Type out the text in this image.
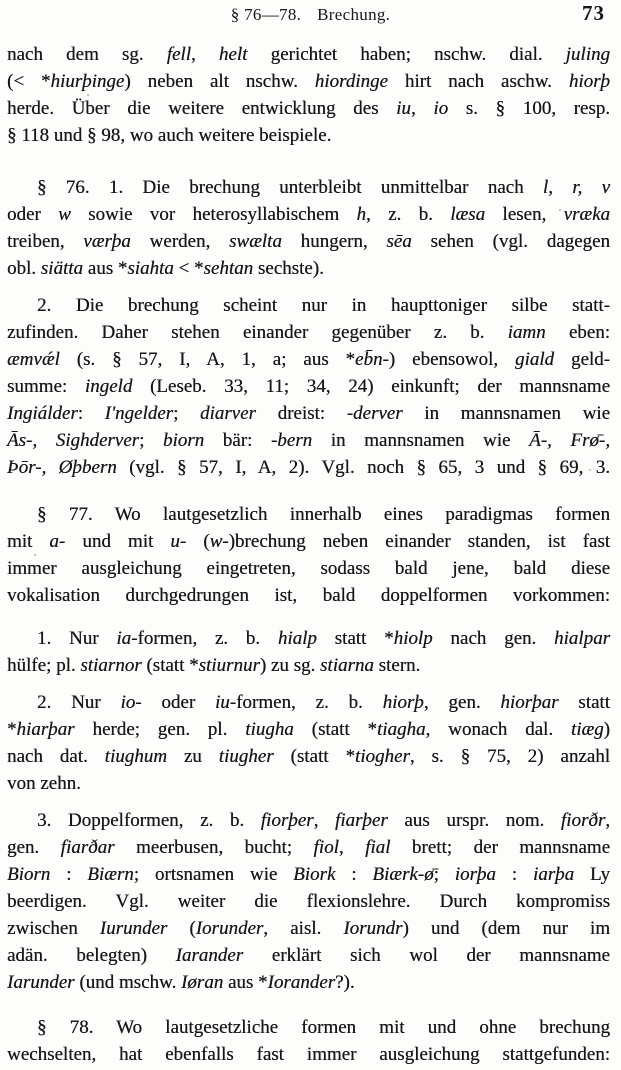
§ 76—78. Brechung.	73
nach dem sg. fell, helt gerichtet haben; nschw. dial. juling
(< *hiurþinge) neben alt nschw. hiordinge hirt nach aschw. hiorþ
herde. Über die weitere entwicklung des iu, io s. § 100, resp.
§ 118 und § 98, wo auch weitere beispiele.
§ 76. 1. Die brechung unterbleibt unmittelbar nach l, r, v
oder w sowie vor heterosyllabischem h, z. b. læsa lesen, vræka
treiben, værþa werden, swælta hungern, sēa sehen (vgl. dagegen
obl. siätta aus *siahta < *sehtan sechste).
2. Die brechung scheint nur in haupttoniger silbe statt-
zufinden. Daher stehen einander gegenüber z. b. iamn eben:
æmvǽl (s. § 57, I, A, 1, a; aus *eb̄n-) ebensowol, giald geld-
summe: ingeld (Leseb. 33, 11; 34, 24) einkunft; der mannsname
Ingiálder: I'ngelder; diarver dreist: -derver in mannsnamen wie
Ās-, Sighderver; biorn bär: -bern in mannsnamen wie Ā-, Frø̄-,
Þōr-, Øþbern (vgl. § 57, I, A, 2). Vgl. noch § 65, 3 und § 69, 3.
§ 77. Wo lautgesetzlich innerhalb eines paradigmas formen
mit a- und mit u- (w-)brechung neben einander standen, ist fast
immer ausgleichung eingetreten, sodass bald jene, bald diese
vokalisation durchgedrungen ist, bald doppelformen vorkommen:
1. Nur ia-formen, z. b. hialp statt *hiolp nach gen. hialpar
hülfe; pl. stiarnor (statt *stiurnur) zu sg. stiarna stern.
2. Nur io- oder iu-formen, z. b. hiorþ, gen. hiorþar statt
*hiarþar herde; gen. pl. tiugha (statt *tiagha, wonach dal. tiæg)
nach dat. tiughum zu tiugher (statt *tiogher, s. § 75, 2) anzahl
von zehn.
3. Doppelformen, z. b. fiorþer, fiarþer aus urspr. nom. fiorðr,
gen. fiarðar meerbusen, bucht; fiol, fial brett; der mannsname
Biorn : Biærn; ortsnamen wie Biork : Biærk-ø̄; iorþa : iarþa Ly
beerdigen. Vgl. weiter die flexionslehre. Durch kompromiss
zwischen Iurunder (Iorunder, aisl. Iorundr) und (dem nur im
adän. belegten) Iarander erklärt sich wol der mannsname
Iarunder (und mschw. Iøran aus *Iorander?).
§ 78. Wo lautgesetzliche formen mit und ohne brechung
wechselten, hat ebenfalls fast immer ausgleichung stattgefunden:
